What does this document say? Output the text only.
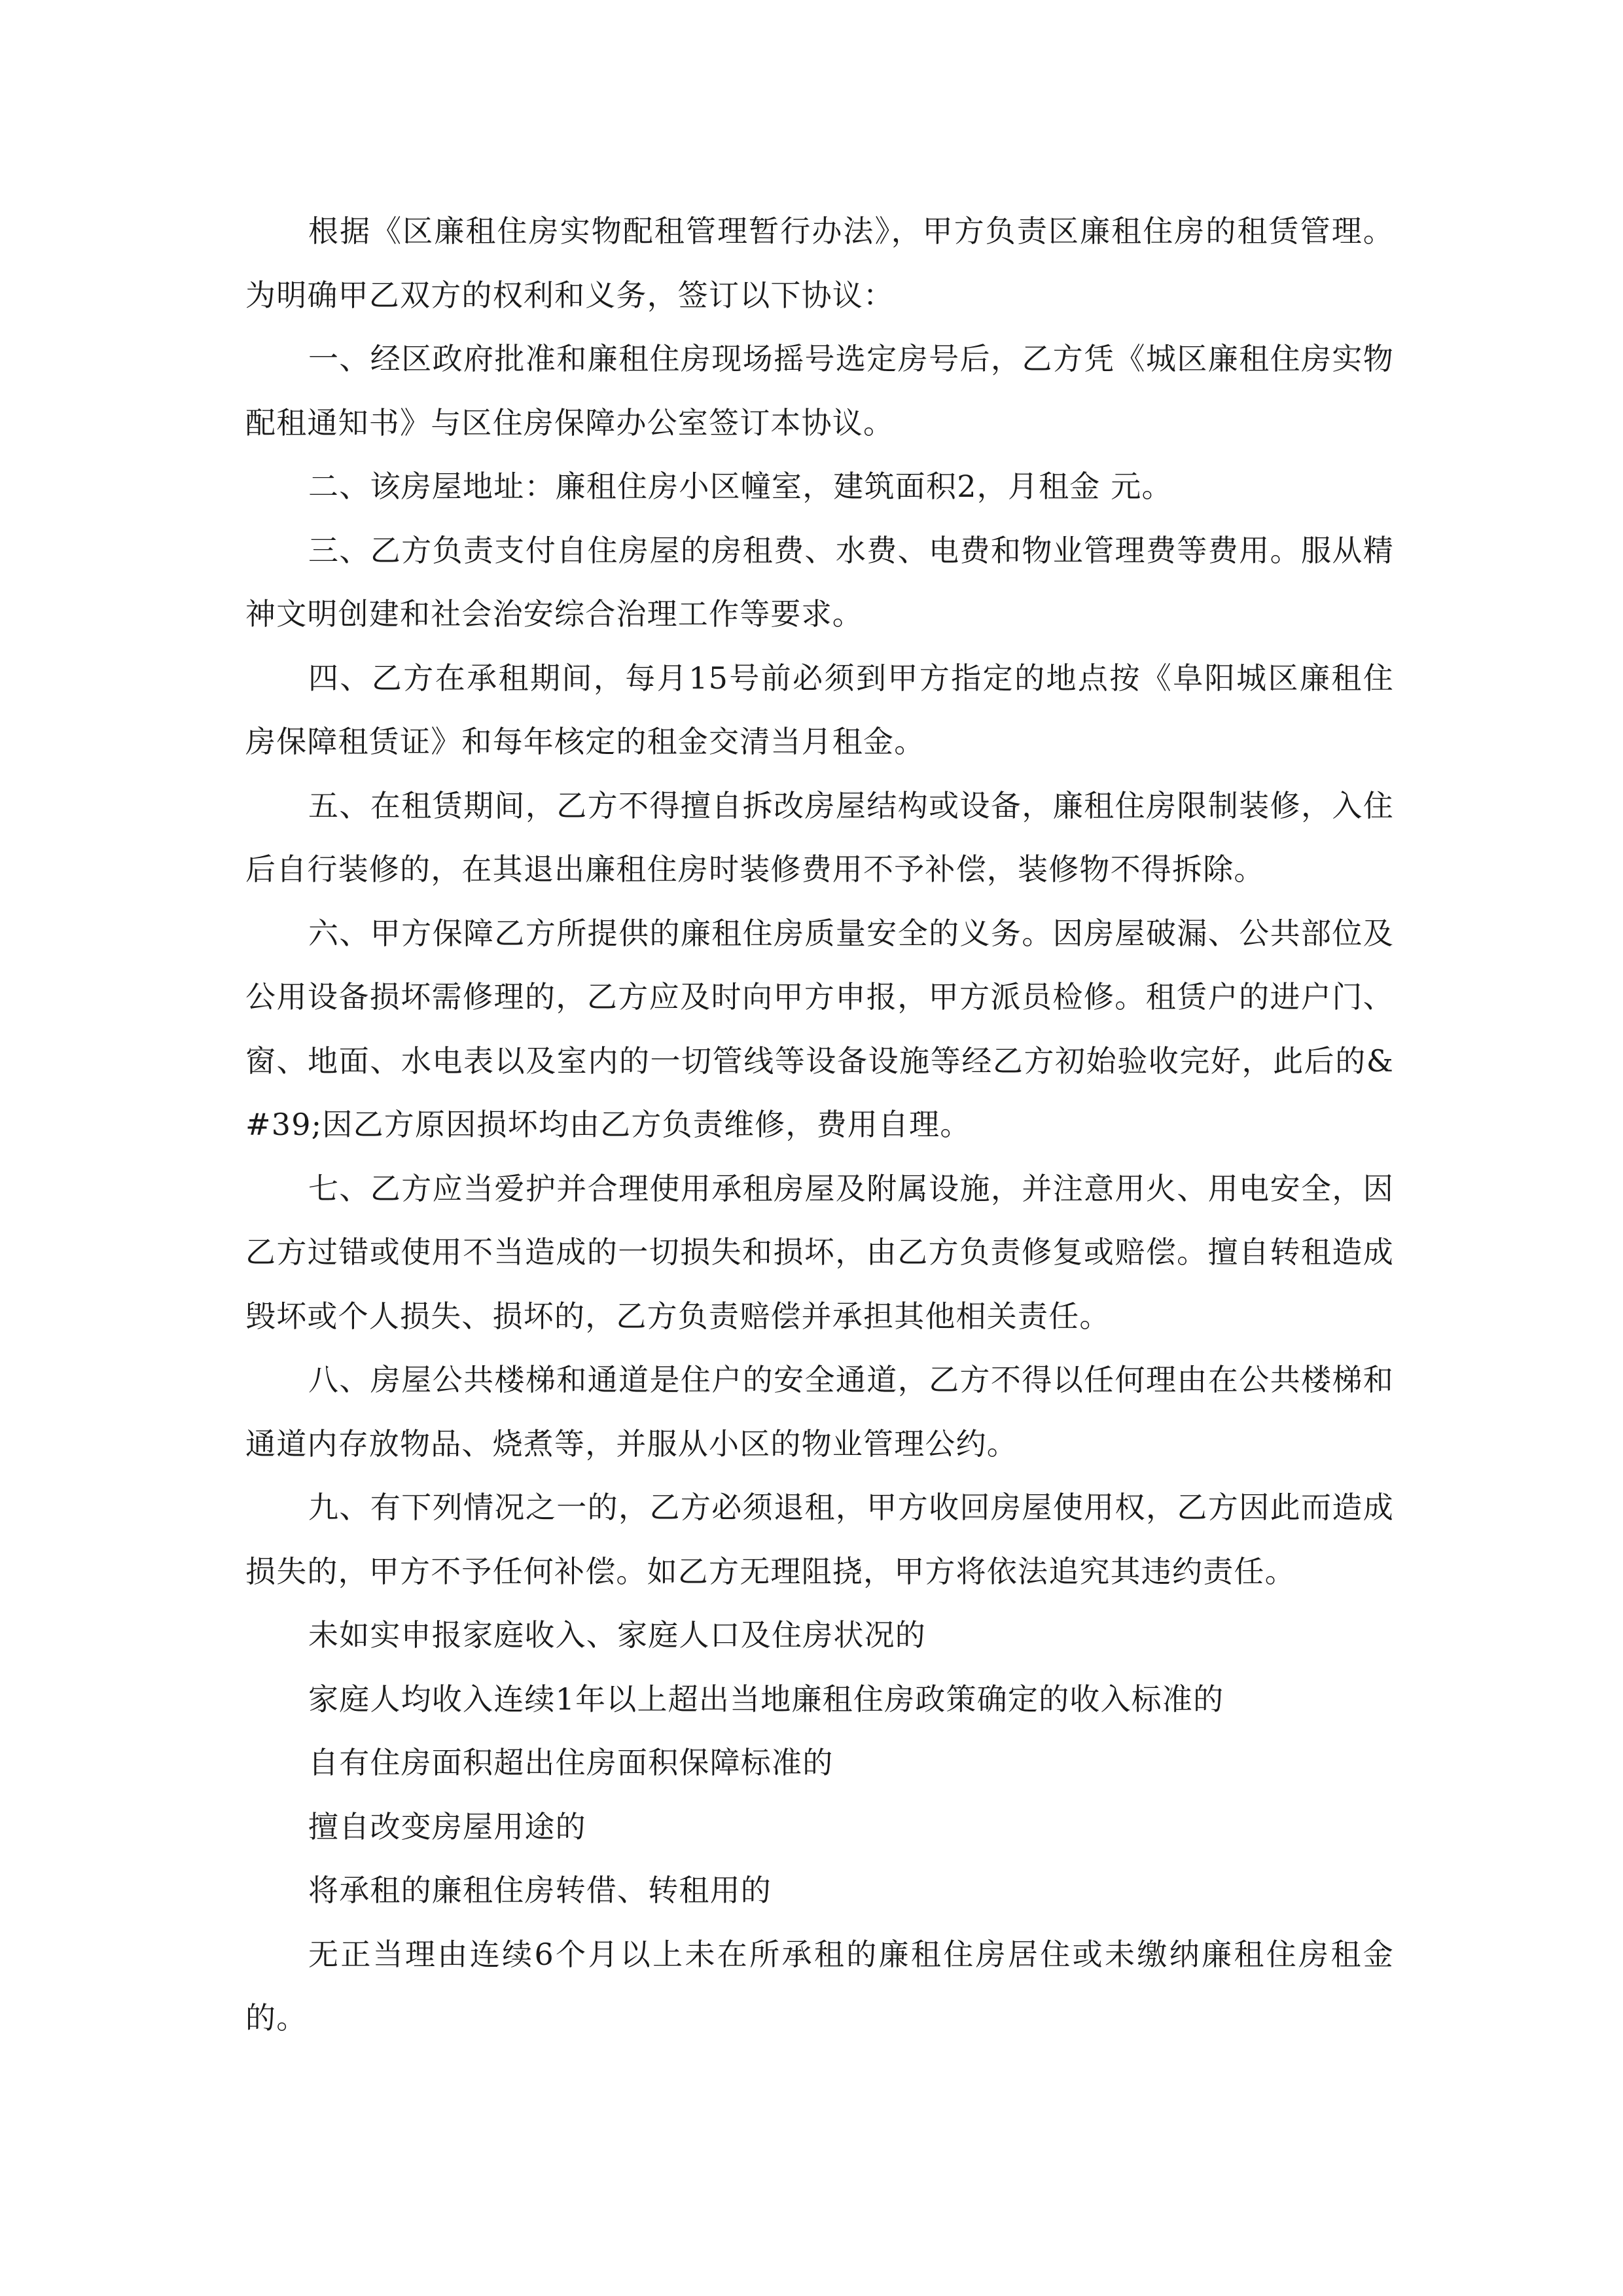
根据《区廉租住房实物配租管理暂行办法》，甲方负责区廉租住房的租赁管理。为明确甲乙双方的权利和义务，签订以下协议：

一、经区政府批准和廉租住房现场摇号选定房号后，乙方凭《城区廉租住房实物配租通知书》与区住房保障办公室签订本协议。

二、该房屋地址：廉租住房小区幢室，建筑面积2，月租金 元。

三、乙方负责支付自住房屋的房租费、水费、电费和物业管理费等费用。服从精神文明创建和社会治安综合治理工作等要求。

四、乙方在承租期间，每月15号前必须到甲方指定的地点按《阜阳城区廉租住房保障租赁证》和每年核定的租金交清当月租金。

五、在租赁期间，乙方不得擅自拆改房屋结构或设备，廉租住房限制装修，入住后自行装修的，在其退出廉租住房时装修费用不予补偿，装修物不得拆除。

六、甲方保障乙方所提供的廉租住房质量安全的义务。因房屋破漏、公共部位及公用设备损坏需修理的，乙方应及时向甲方申报，甲方派员检修。租赁户的进户门、窗、地面、水电表以及室内的一切管线等设备设施等经乙方初始验收完好，此后的&#39;因乙方原因损坏均由乙方负责维修，费用自理。

七、乙方应当爱护并合理使用承租房屋及附属设施，并注意用火、用电安全，因乙方过错或使用不当造成的一切损失和损坏，由乙方负责修复或赔偿。擅自转租造成毁坏或个人损失、损坏的，乙方负责赔偿并承担其他相关责任。

八、房屋公共楼梯和通道是住户的安全通道，乙方不得以任何理由在公共楼梯和通道内存放物品、烧煮等，并服从小区的物业管理公约。

九、有下列情况之一的，乙方必须退租，甲方收回房屋使用权，乙方因此而造成损失的，甲方不予任何补偿。如乙方无理阻挠，甲方将依法追究其违约责任。

未如实申报家庭收入、家庭人口及住房状况的

家庭人均收入连续1年以上超出当地廉租住房政策确定的收入标准的

自有住房面积超出住房面积保障标准的

擅自改变房屋用途的

将承租的廉租住房转借、转租用的

无正当理由连续6个月以上未在所承租的廉租住房居住或未缴纳廉租住房租金的。
